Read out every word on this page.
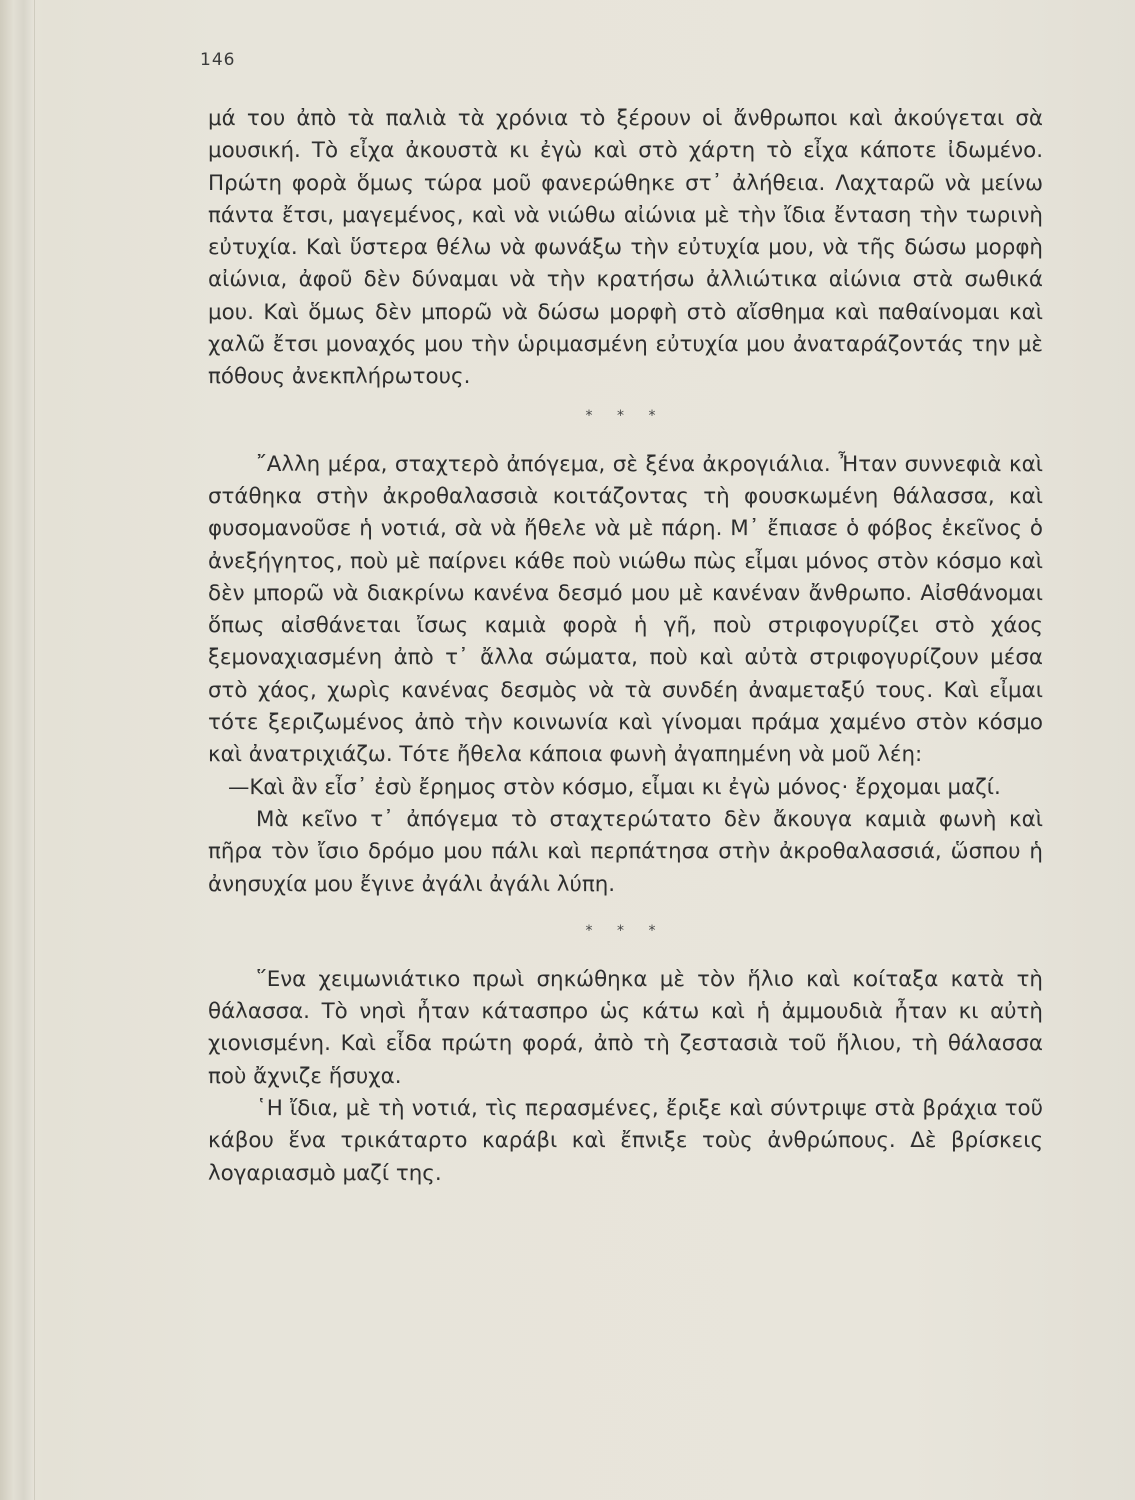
146

μά του ἀπὸ τὰ παλιὰ τὰ χρόνια τὸ ξέρουν οἱ ἄνθρωποι καὶ ἀκούγεται σὰ μουσική. Τὸ εἶχα ἀκουστὰ κι ἐγὼ καὶ στὸ χάρτη τὸ εἶχα κάποτε ἰδωμένο. Πρώτη φορὰ ὅμως τώρα μοῦ φανερώθηκε στ᾿ ἀλήθεια. Λαχταρῶ νὰ μείνω πάντα ἔτσι, μαγεμένος, καὶ νὰ νιώθω αἰώνια μὲ τὴν ἴδια ἔνταση τὴν τωρινὴ εὐτυχία. Καὶ ὕστερα θέλω νὰ φωνάξω τὴν εὐτυχία μου, νὰ τῆς δώσω μορφὴ αἰώνια, ἀφοῦ δὲν δύναμαι νὰ τὴν κρατήσω ἀλλιώτικα αἰώνια στὰ σωθικά μου. Καὶ ὅμως δὲν μπορῶ νὰ δώσω μορφὴ στὸ αἴσθημα καὶ παθαίνομαι καὶ χαλῶ ἔτσι μοναχός μου τὴν ὡριμασμένη εὐτυχία μου ἀναταράζοντάς την μὲ πόθους ἀνεκπλήρωτους.

* * *

῎Αλλη μέρα, σταχτερὸ ἀπόγεμα, σὲ ξένα ἀκρογιάλια. Ἦταν συννεφιὰ καὶ στάθηκα στὴν ἀκροθαλασσιὰ κοιτάζοντας τὴ φουσκωμένη θάλασσα, καὶ φυσομανοῦσε ἡ νοτιά, σὰ νὰ ἤθελε νὰ μὲ πάρη. Μ᾿ ἔπιασε ὁ φόβος ἐκεῖνος ὁ ἀνεξήγητος, ποὺ μὲ παίρνει κάθε ποὺ νιώθω πὼς εἶμαι μόνος στὸν κόσμο καὶ δὲν μπορῶ νὰ διακρίνω κανένα δεσμό μου μὲ κανέναν ἄνθρωπο. Αἰσθάνομαι ὅπως αἰσθάνεται ἴσως καμιὰ φορὰ ἡ γῆ, ποὺ στριφογυρίζει στὸ χάος ξεμοναχιασμένη ἀπὸ τ᾿ ἄλλα σώματα, ποὺ καὶ αὐτὰ στριφογυρίζουν μέσα στὸ χάος, χωρὶς κανένας δεσμὸς νὰ τὰ συνδέη ἀναμεταξύ τους. Καὶ εἶμαι τότε ξεριζωμένος ἀπὸ τὴν κοινωνία καὶ γίνομαι πράμα χαμένο στὸν κόσμο καὶ ἀνατριχιάζω. Τότε ἤθελα κάποια φωνὴ ἀγαπημένη νὰ μοῦ λέη:

—Καὶ ἂν εἶσ᾿ ἐσὺ ἔρημος στὸν κόσμο, εἶμαι κι ἐγὼ μόνος· ἔρχομαι μαζί.

Μὰ κεῖνο τ᾿ ἀπόγεμα τὸ σταχτερώτατο δὲν ἄκουγα καμιὰ φωνὴ καὶ πῆρα τὸν ἴσιο δρόμο μου πάλι καὶ περπάτησα στὴν ἀκροθαλασσιά, ὥσπου ἡ ἀνησυχία μου ἔγινε ἀγάλι ἀγάλι λύπη.

* * *

῞Ενα χειμωνιάτικο πρωὶ σηκώθηκα μὲ τὸν ἥλιο καὶ κοίταξα κατὰ τὴ θάλασσα. Τὸ νησὶ ἦταν κάτασπρο ὡς κάτω καὶ ἡ ἀμμουδιὰ ἦταν κι αὐτὴ χιονισμένη. Καὶ εἶδα πρώτη φορά, ἀπὸ τὴ ζεστασιὰ τοῦ ἥλιου, τὴ θάλασσα ποὺ ἄχνιζε ἥσυχα.

῾Η ἴδια, μὲ τὴ νοτιά, τὶς περασμένες, ἔριξε καὶ σύντριψε στὰ βράχια τοῦ κάβου ἕνα τρικάταρτο καράβι καὶ ἔπνιξε τοὺς ἀνθρώπους. Δὲ βρίσκεις λογαριασμὸ μαζί της.
